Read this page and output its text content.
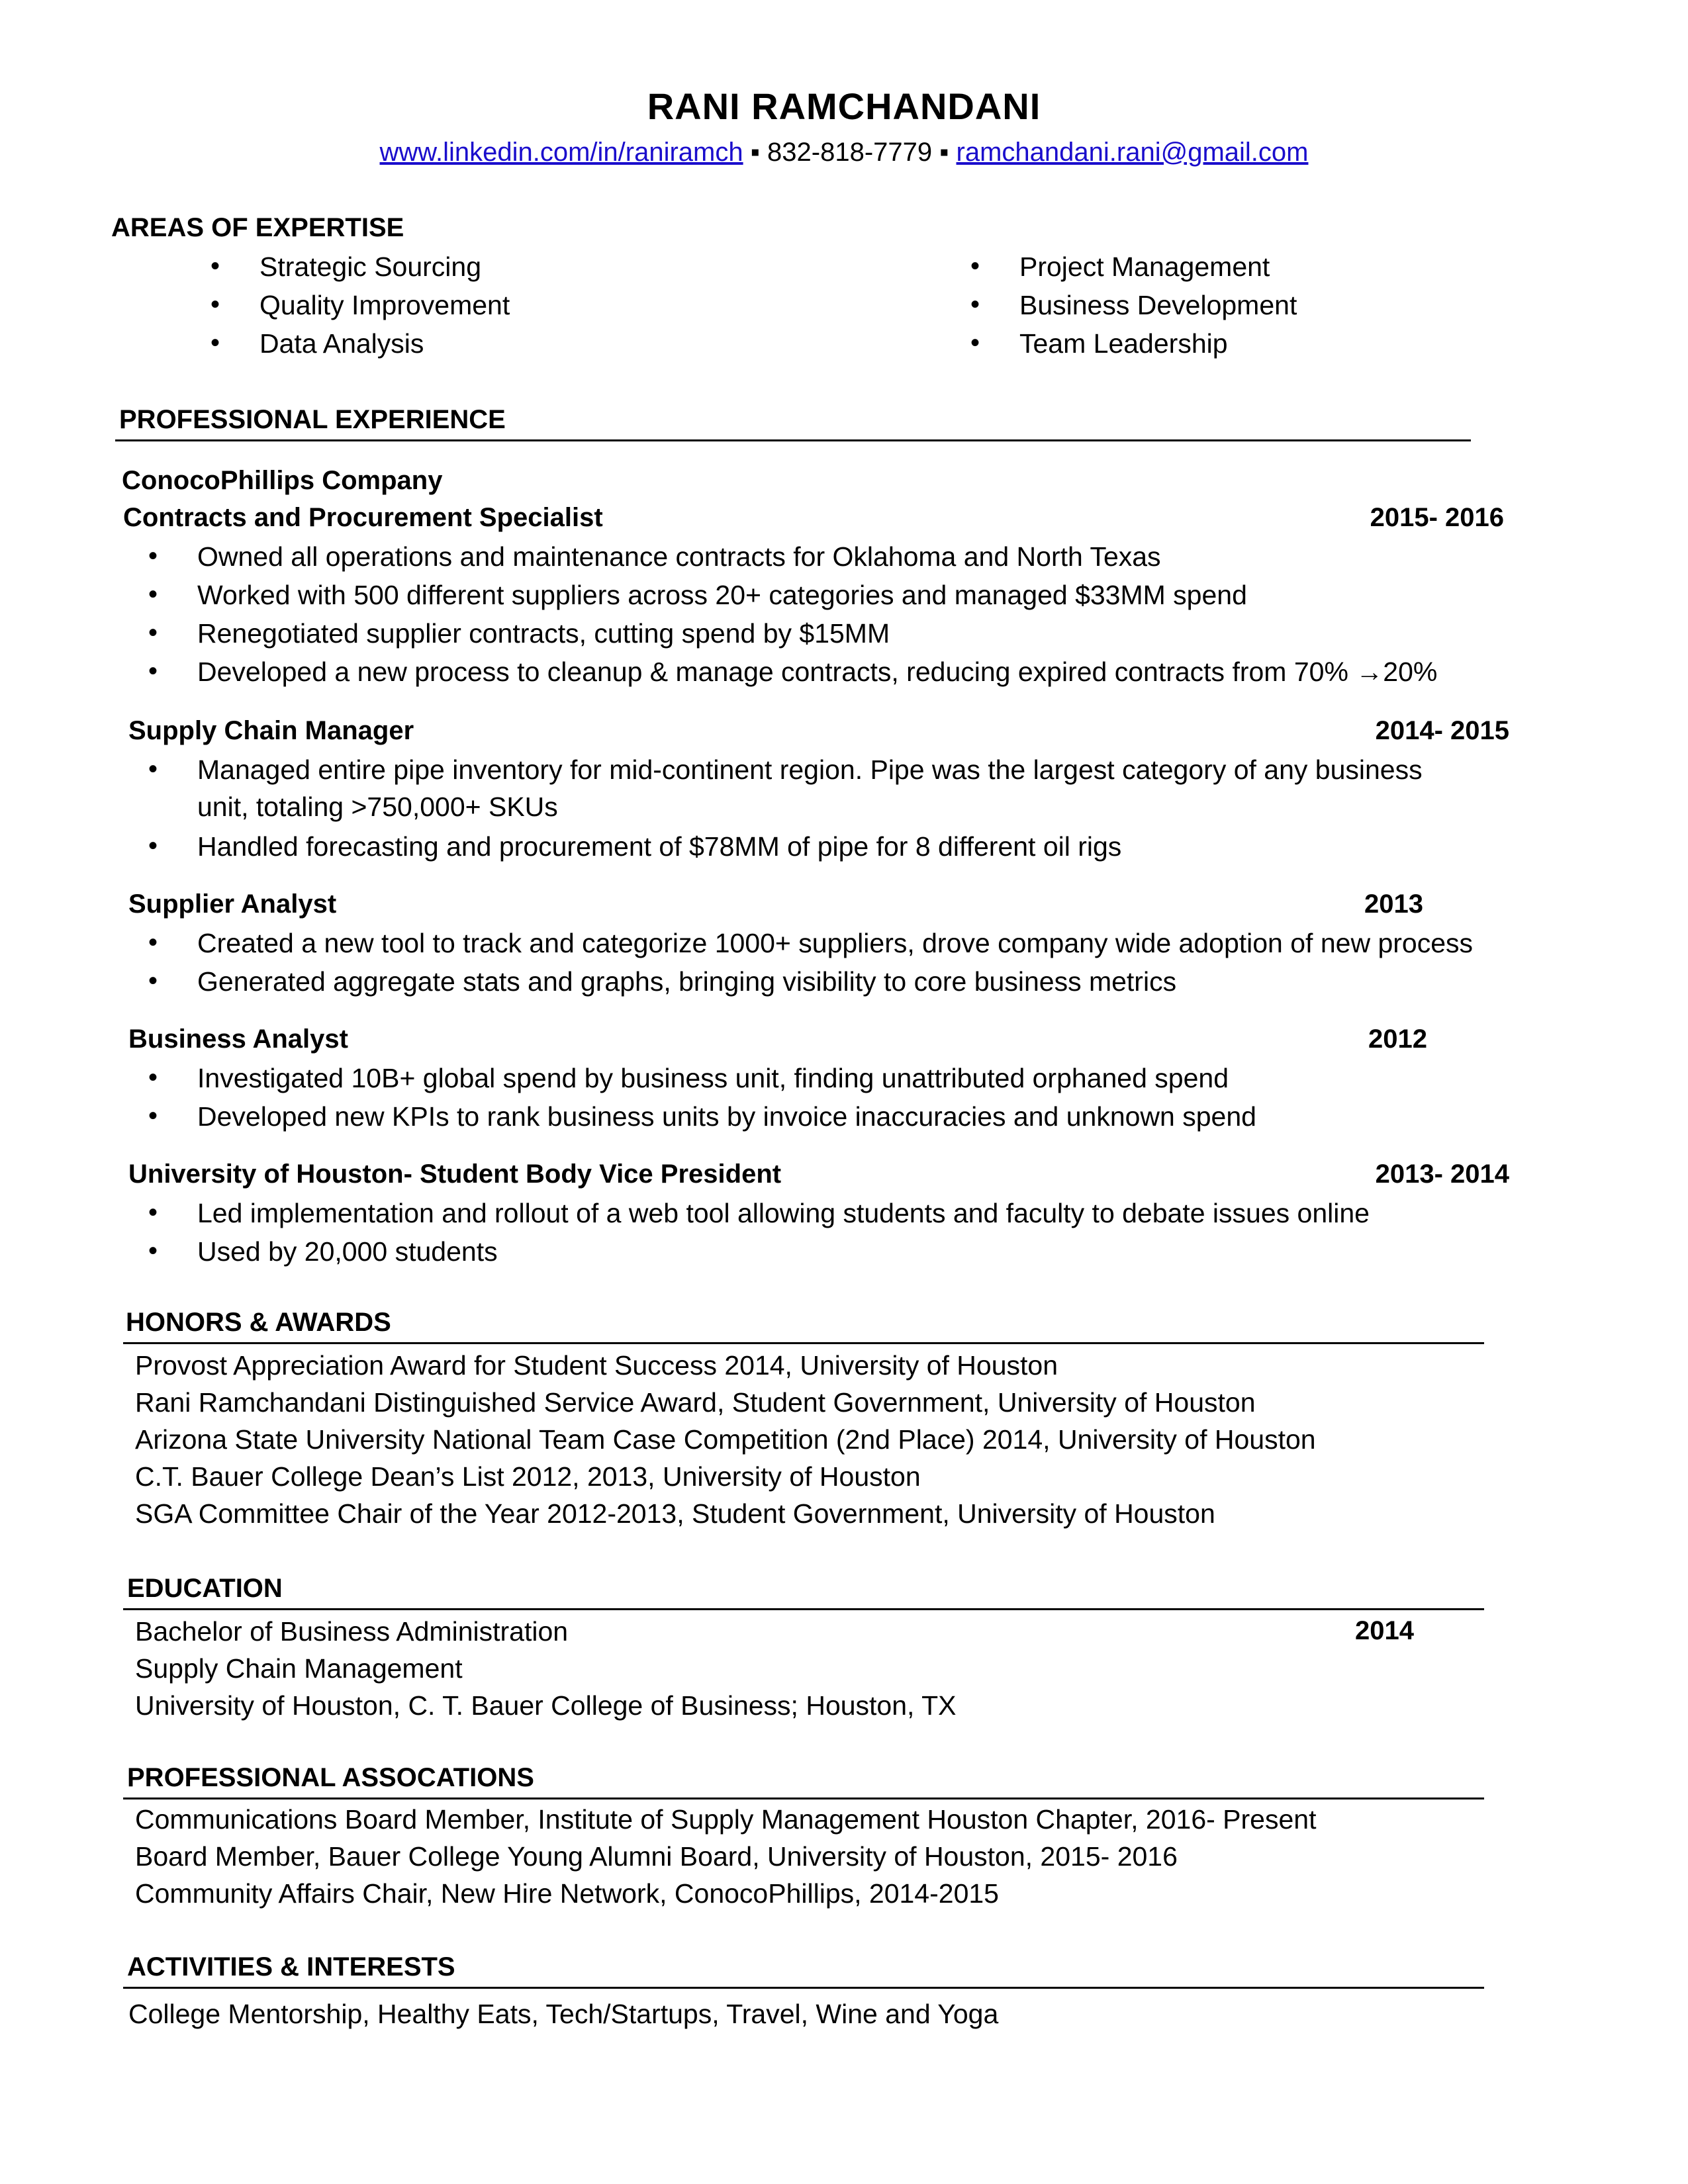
RANI RAMCHANDANI
www.linkedin.com/in/raniramch ▪ 832-818-7779 ▪ ramchandani.rani@gmail.com
AREAS OF EXPERTISE
• Strategic Sourcing
• Quality Improvement
• Data Analysis
• Project Management
• Business Development
• Team Leadership
PROFESSIONAL EXPERIENCE
ConocoPhillips Company
Contracts and Procurement Specialist	2015- 2016
• Owned all operations and maintenance contracts for Oklahoma and North Texas
• Worked with 500 different suppliers across 20+ categories and managed $33MM spend
• Renegotiated supplier contracts, cutting spend by $15MM
• Developed a new process to cleanup & manage contracts, reducing expired contracts from 70% →20%
Supply Chain Manager	2014- 2015
• Managed entire pipe inventory for mid-continent region. Pipe was the largest category of any business
unit, totaling >750,000+ SKUs
• Handled forecasting and procurement of $78MM of pipe for 8 different oil rigs
Supplier Analyst	2013
• Created a new tool to track and categorize 1000+ suppliers, drove company wide adoption of new process
• Generated aggregate stats and graphs, bringing visibility to core business metrics
Business Analyst	2012
• Investigated 10B+ global spend by business unit, finding unattributed orphaned spend
• Developed new KPIs to rank business units by invoice inaccuracies and unknown spend
University of Houston- Student Body Vice President	2013- 2014
• Led implementation and rollout of a web tool allowing students and faculty to debate issues online
• Used by 20,000 students
HONORS & AWARDS
Provost Appreciation Award for Student Success 2014, University of Houston
Rani Ramchandani Distinguished Service Award, Student Government, University of Houston
Arizona State University National Team Case Competition (2nd Place) 2014, University of Houston
C.T. Bauer College Dean’s List 2012, 2013, University of Houston
SGA Committee Chair of the Year 2012-2013, Student Government, University of Houston
EDUCATION
Bachelor of Business Administration	2014
Supply Chain Management
University of Houston, C. T. Bauer College of Business; Houston, TX
PROFESSIONAL ASSOCATIONS
Communications Board Member, Institute of Supply Management Houston Chapter, 2016- Present
Board Member, Bauer College Young Alumni Board, University of Houston, 2015- 2016
Community Affairs Chair, New Hire Network, ConocoPhillips, 2014-2015
ACTIVITIES & INTERESTS
College Mentorship, Healthy Eats, Tech/Startups, Travel, Wine and Yoga
